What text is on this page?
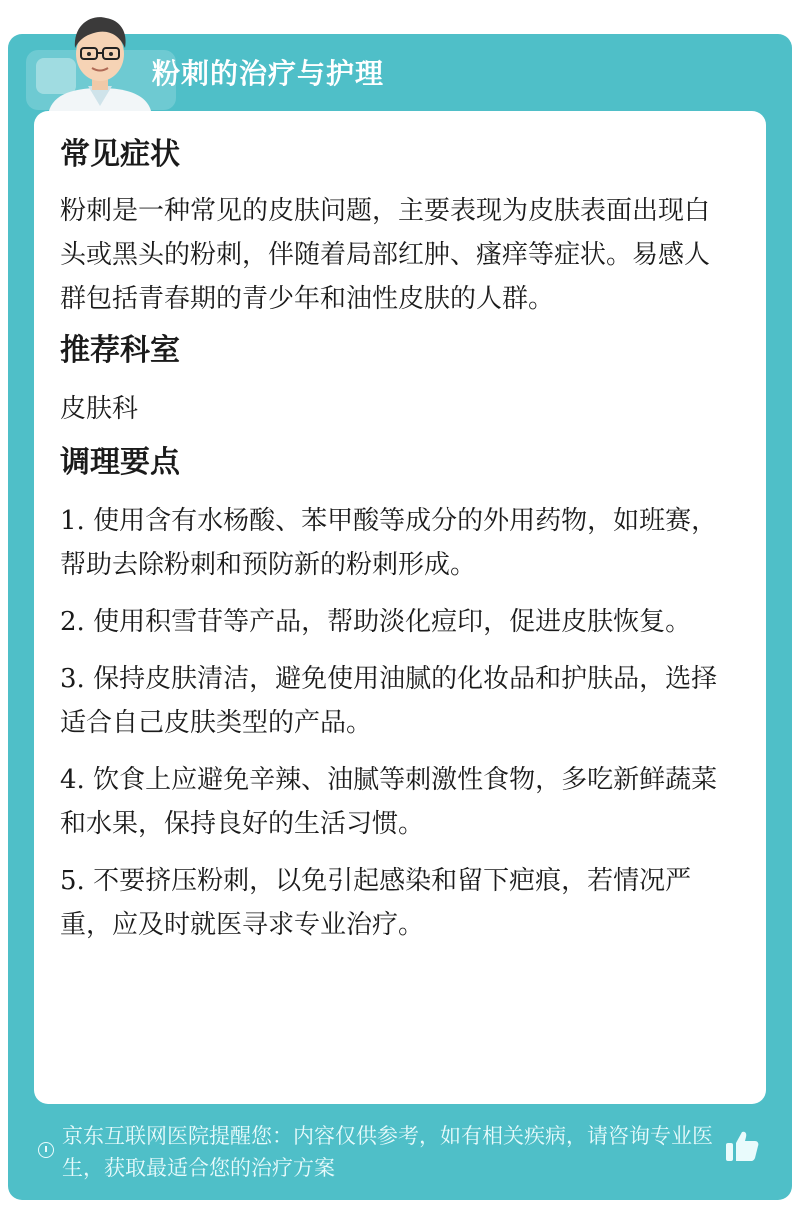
粉刺的治疗与护理
常见症状

粉刺是一种常见的皮肤问题，主要表现为皮肤表面出现白头或黑头的粉刺，伴随着局部红肿、瘙痒等症状。易感人群包括青春期的青少年和油性皮肤的人群。

推荐科室

皮肤科

调理要点

1. 使用含有水杨酸、苯甲酸等成分的外用药物，如班赛，帮助去除粉刺和预防新的粉刺形成。

2. 使用积雪苷等产品，帮助淡化痘印，促进皮肤恢复。

3. 保持皮肤清洁，避免使用油腻的化妆品和护肤品，选择适合自己皮肤类型的产品。

4. 饮食上应避免辛辣、油腻等刺激性食物，多吃新鲜蔬菜和水果，保持良好的生活习惯。

5. 不要挤压粉刺，以免引起感染和留下疤痕，若情况严重，应及时就医寻求专业治疗。

京东互联网医院提醒您：内容仅供参考，如有相关疾病，请咨询专业医生，获取最适合您的治疗方案
